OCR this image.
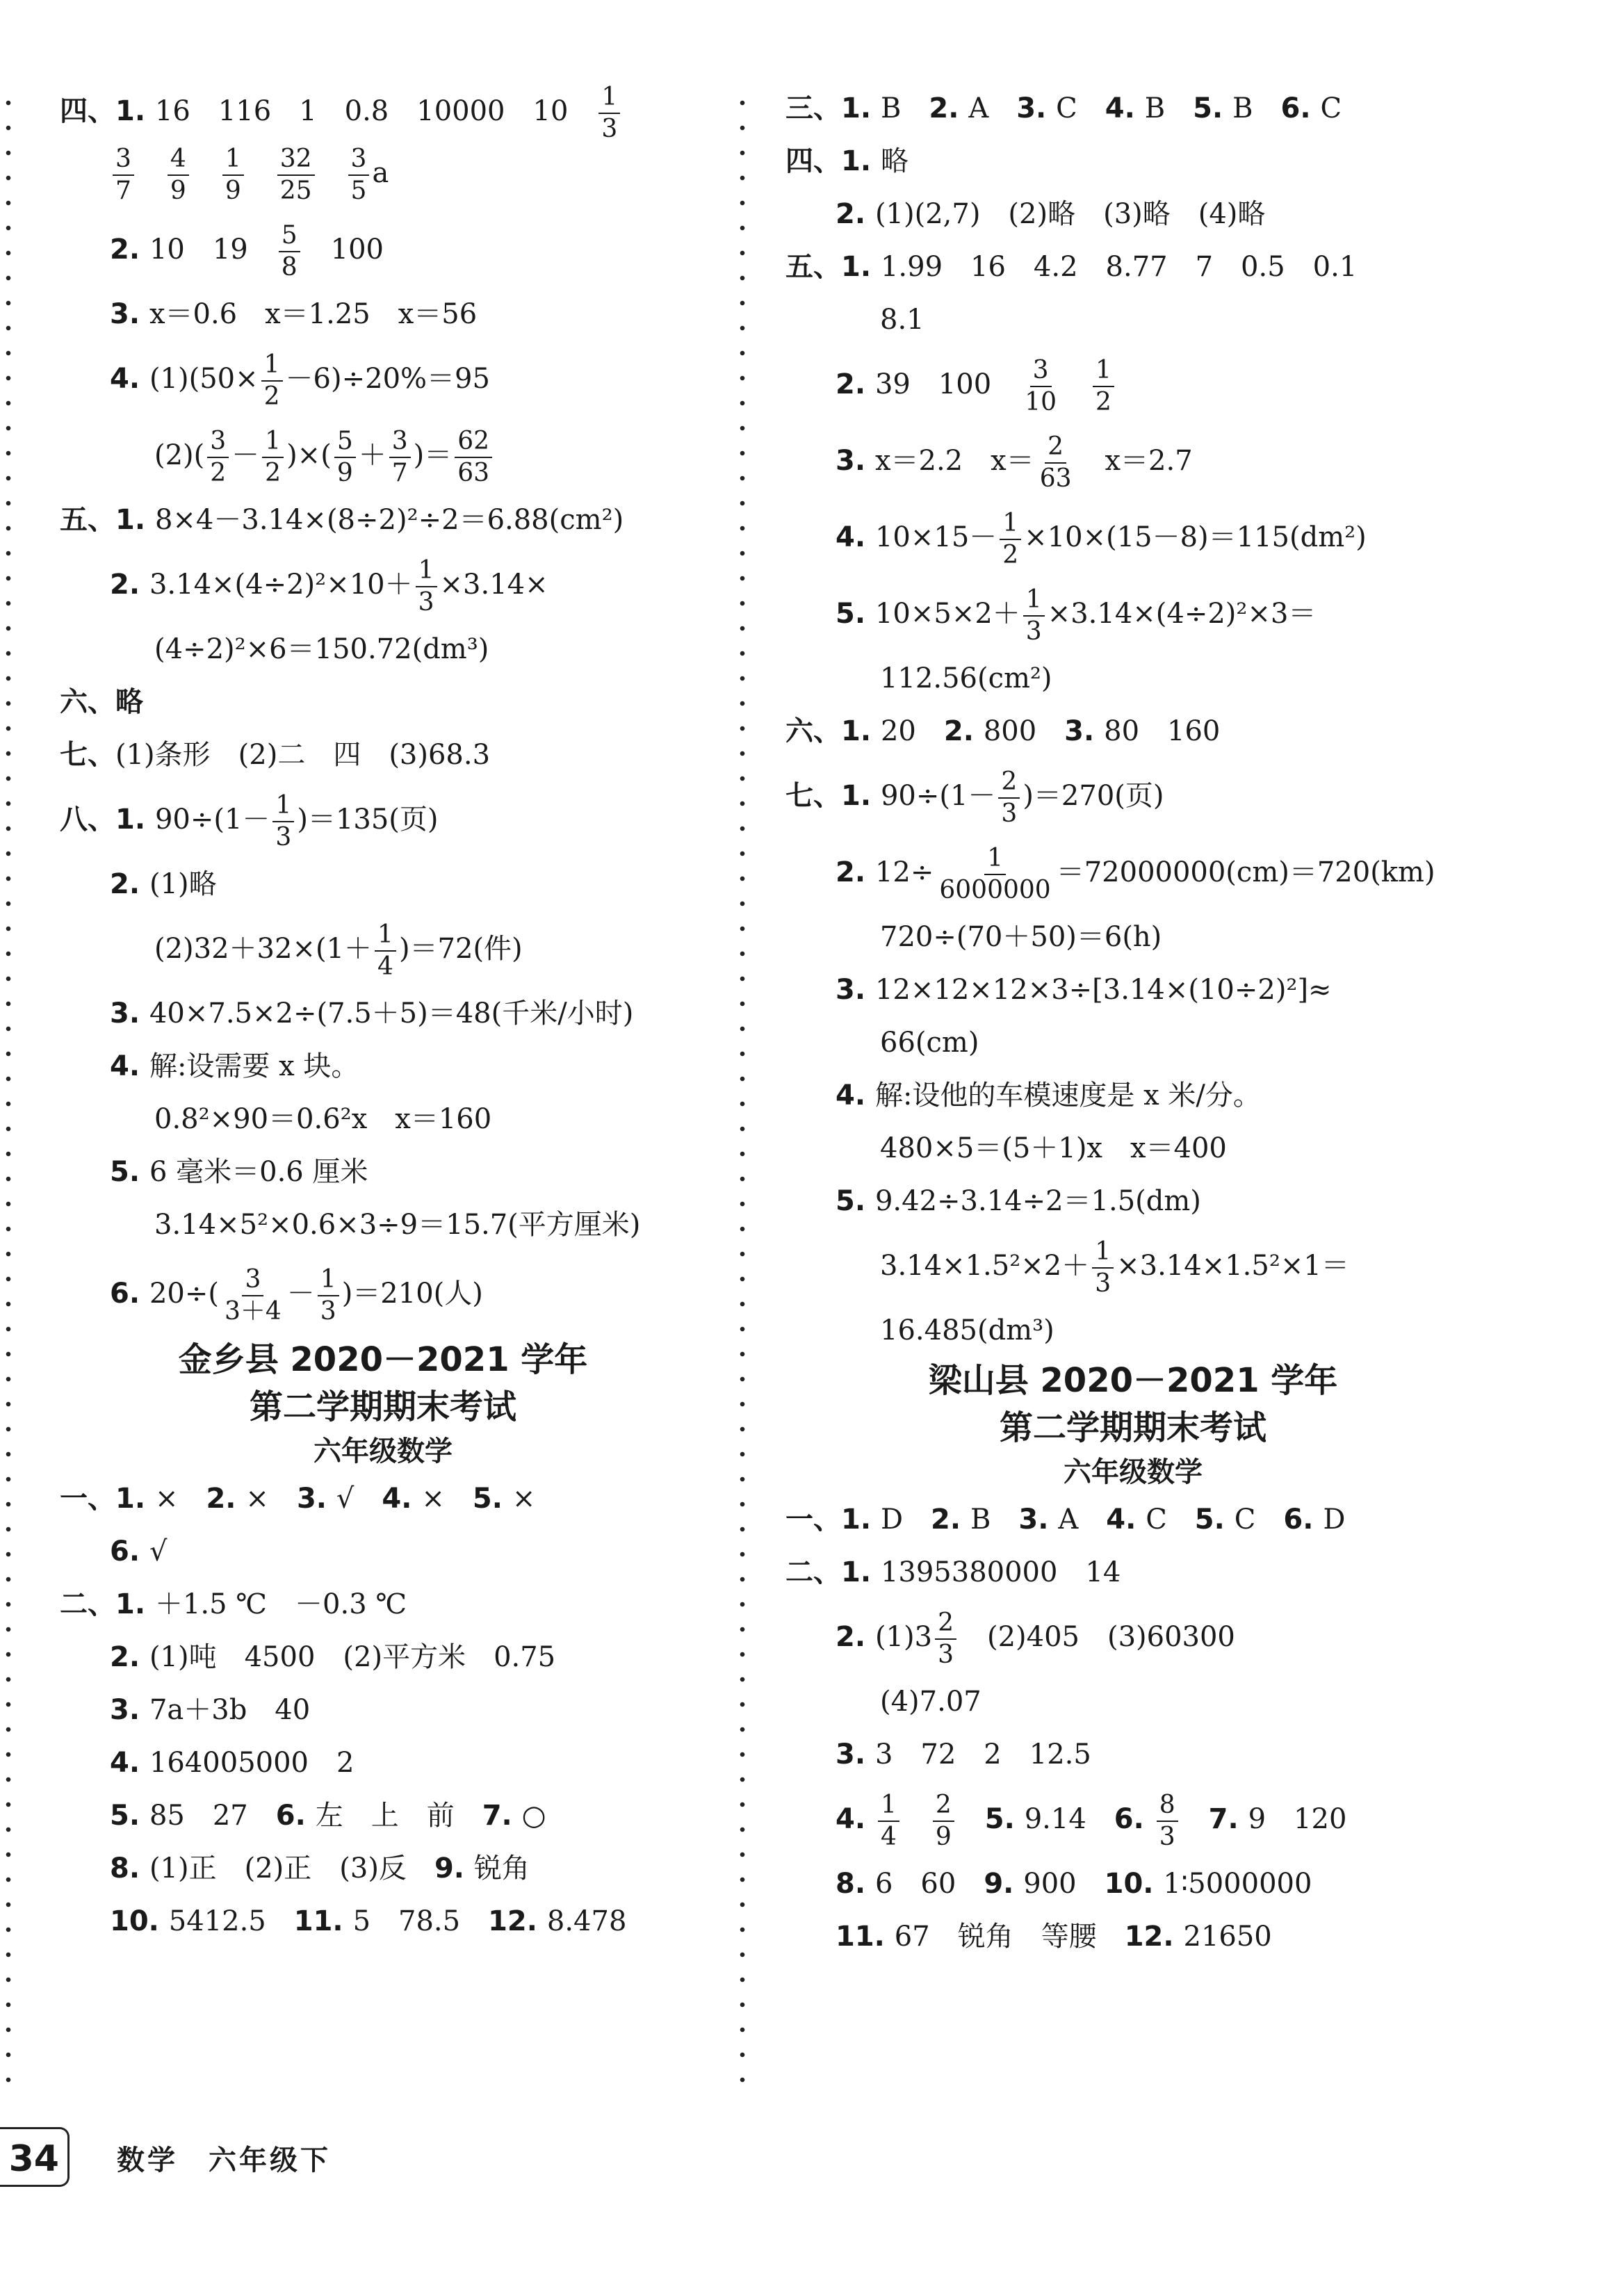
四、1. 16　116　1　0.8　10000　10　 $\frac{1}{3}$
$\frac{3}{7}$
　 $\frac{4}{9}$
　 $\frac{1}{9}$
　 $\frac{32}{25}$
　 $\frac{3}{5}$ a
2. 10　19　 $\frac{5}{8}$ 　100
3. x＝0.6　x＝1.25　x＝56
4. $(1)(50\times \frac{1}{2} -6)\div 20\%=95$
$(2)( \frac{3}{2} - \frac{1}{2}$ )×( $\frac{5}{9} + \frac{3}{7}$ )＝ $\frac{62}{63}$
五、1. 8×4－3.14×(8÷2)²÷2＝6.88(cm²)
2. $3.14\times(4\div 2)^2\times 10+ \frac{1}{3} \times 3.14\times$
(4÷2)²×6＝150.72(dm³)
六、略
七、(1)条形　(2)二　四　(3)68.3
八、1. $90\div(1- \frac{1}{3} )=135$(页)
2. (1)略
$(2)32+32\times(1+ \frac{1}{4} )=72$(件)
3. 40×7.5×2÷(7.5＋5)＝48(千米/小时)
4. 解:设需要 x 块。
0.8²×90＝0.6²x　x＝160
5. 6 毫米＝0.6 厘米
3.14×5²×0.6×3÷9＝15.7(平方厘米)
6. $20\div( \frac{3}{3+4} - \frac{1}{3} )=210$(人)
金乡县 2020－2021 学年
第二学期期末考试
六年级数学
一、1. ×　2. ×　3. √　4. ×　5. ×
6. √
二、1. ＋1.5 ℃　－0.3 ℃
2. (1)吨　4500　(2)平方米　0.75
3. 7a＋3b　40
4. 164005000　2
5. 85　27　6. 左　上　前　7. ○
8. (1)正　(2)正　(3)反　9. 锐角
10. 5412.5　11. 5　78.5　12. 8.478
三、1. B　2. A　3. C　4. B　5. B　6. C
四、1. 略
2. (1)(2,7)　(2)略　(3)略　(4)略
五、1. 1.99　16　4.2　8.77　7　0.5　0.1
8.1
2. 39　100　 $\frac{3}{10}$
　 $\frac{1}{2}$
3. x＝2.2　$x= \frac{2}{63}$ 　x＝2.7
4. $10\times 15- \frac{1}{2} \times 10\times(15-8)=115(dm^2)$
5. $10\times 5\times 2+ \frac{1}{3} \times 3.14\times(4\div 2)^2\times 3=$
112.56(cm²)
六、1. 20　2. 800　3. 80　160
七、1. $90\div(1- \frac{2}{3} )=270$(页)
2. $12\div \frac{1}{6000000} =72000000(cm)=720(km)$
720÷(70＋50)＝6(h)
3. 12×12×12×3÷[3.14×(10÷2)²]≈
66(cm)
4. 解:设他的车模速度是 x 米/分。
480×5＝(5＋1)x　x＝400
5. 9.42÷3.14÷2＝1.5(dm)
$3.14\times 1.5^2\times 2+ \frac{1}{3} \times 3.14\times 1.5^2\times 1=$
16.485(dm³)
梁山县 2020－2021 学年
第二学期期末考试
六年级数学
一、1. D　2. B　3. A　4. C　5. C　6. D
二、1. 1395380000　14
2. $(1)3 \frac{2}{3}$ 　(2)405　(3)60300
(4)7.07
3. 3　72　2　12.5
4. $\frac{1}{4}$
　 $\frac{2}{9}$
　 5. 9.14　6. $\frac{8}{3}$
　 7. 9　120
8. 6　60　9. 900　10. 1∶5000000
11. 67　锐角　等腰　12. 21650
34	数学　六年级下
